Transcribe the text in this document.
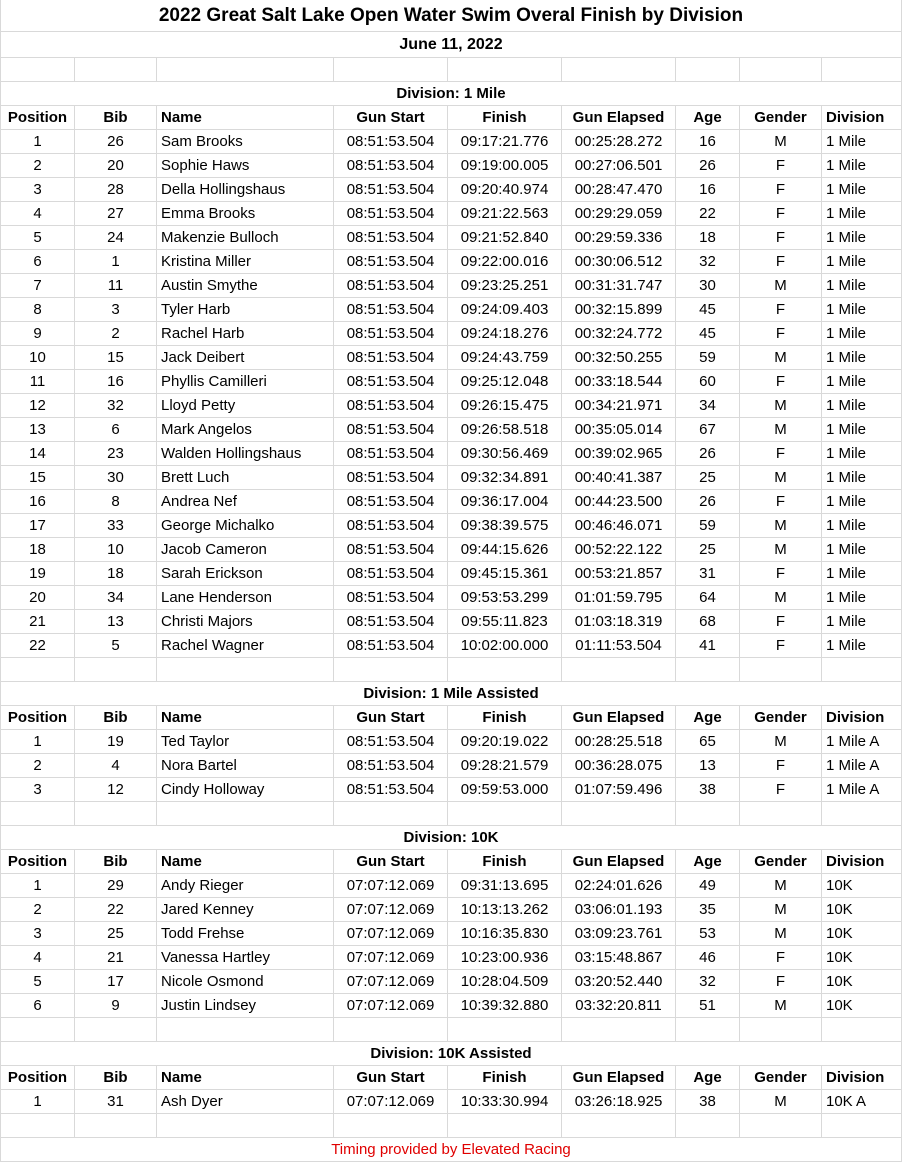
2022 Great Salt Lake Open Water Swim Overal Finish by Division
June 11, 2022
Division: 1 Mile
Position	Bib	Name	Gun Start	Finish	Gun Elapsed	Age	Gender	Division
1	26	Sam Brooks	08:51:53.504	09:17:21.776	00:25:28.272	16	M	1 Mile
2	20	Sophie Haws	08:51:53.504	09:19:00.005	00:27:06.501	26	F	1 Mile
3	28	Della Hollingshaus	08:51:53.504	09:20:40.974	00:28:47.470	16	F	1 Mile
4	27	Emma Brooks	08:51:53.504	09:21:22.563	00:29:29.059	22	F	1 Mile
5	24	Makenzie Bulloch	08:51:53.504	09:21:52.840	00:29:59.336	18	F	1 Mile
6	1	Kristina Miller	08:51:53.504	09:22:00.016	00:30:06.512	32	F	1 Mile
7	11	Austin Smythe	08:51:53.504	09:23:25.251	00:31:31.747	30	M	1 Mile
8	3	Tyler Harb	08:51:53.504	09:24:09.403	00:32:15.899	45	F	1 Mile
9	2	Rachel Harb	08:51:53.504	09:24:18.276	00:32:24.772	45	F	1 Mile
10	15	Jack Deibert	08:51:53.504	09:24:43.759	00:32:50.255	59	M	1 Mile
11	16	Phyllis Camilleri	08:51:53.504	09:25:12.048	00:33:18.544	60	F	1 Mile
12	32	Lloyd Petty	08:51:53.504	09:26:15.475	00:34:21.971	34	M	1 Mile
13	6	Mark Angelos	08:51:53.504	09:26:58.518	00:35:05.014	67	M	1 Mile
14	23	Walden Hollingshaus	08:51:53.504	09:30:56.469	00:39:02.965	26	F	1 Mile
15	30	Brett Luch	08:51:53.504	09:32:34.891	00:40:41.387	25	M	1 Mile
16	8	Andrea Nef	08:51:53.504	09:36:17.004	00:44:23.500	26	F	1 Mile
17	33	George Michalko	08:51:53.504	09:38:39.575	00:46:46.071	59	M	1 Mile
18	10	Jacob Cameron	08:51:53.504	09:44:15.626	00:52:22.122	25	M	1 Mile
19	18	Sarah Erickson	08:51:53.504	09:45:15.361	00:53:21.857	31	F	1 Mile
20	34	Lane Henderson	08:51:53.504	09:53:53.299	01:01:59.795	64	M	1 Mile
21	13	Christi Majors	08:51:53.504	09:55:11.823	01:03:18.319	68	F	1 Mile
22	5	Rachel Wagner	08:51:53.504	10:02:00.000	01:11:53.504	41	F	1 Mile
Division: 1 Mile Assisted
Position	Bib	Name	Gun Start	Finish	Gun Elapsed	Age	Gender	Division
1	19	Ted Taylor	08:51:53.504	09:20:19.022	00:28:25.518	65	M	1 Mile A
2	4	Nora Bartel	08:51:53.504	09:28:21.579	00:36:28.075	13	F	1 Mile A
3	12	Cindy Holloway	08:51:53.504	09:59:53.000	01:07:59.496	38	F	1 Mile A
Division: 10K
Position	Bib	Name	Gun Start	Finish	Gun Elapsed	Age	Gender	Division
1	29	Andy Rieger	07:07:12.069	09:31:13.695	02:24:01.626	49	M	10K
2	22	Jared Kenney	07:07:12.069	10:13:13.262	03:06:01.193	35	M	10K
3	25	Todd Frehse	07:07:12.069	10:16:35.830	03:09:23.761	53	M	10K
4	21	Vanessa Hartley	07:07:12.069	10:23:00.936	03:15:48.867	46	F	10K
5	17	Nicole Osmond	07:07:12.069	10:28:04.509	03:20:52.440	32	F	10K
6	9	Justin Lindsey	07:07:12.069	10:39:32.880	03:32:20.811	51	M	10K
Division: 10K Assisted
Position	Bib	Name	Gun Start	Finish	Gun Elapsed	Age	Gender	Division
1	31	Ash Dyer	07:07:12.069	10:33:30.994	03:26:18.925	38	M	10K A
Timing provided by Elevated Racing
